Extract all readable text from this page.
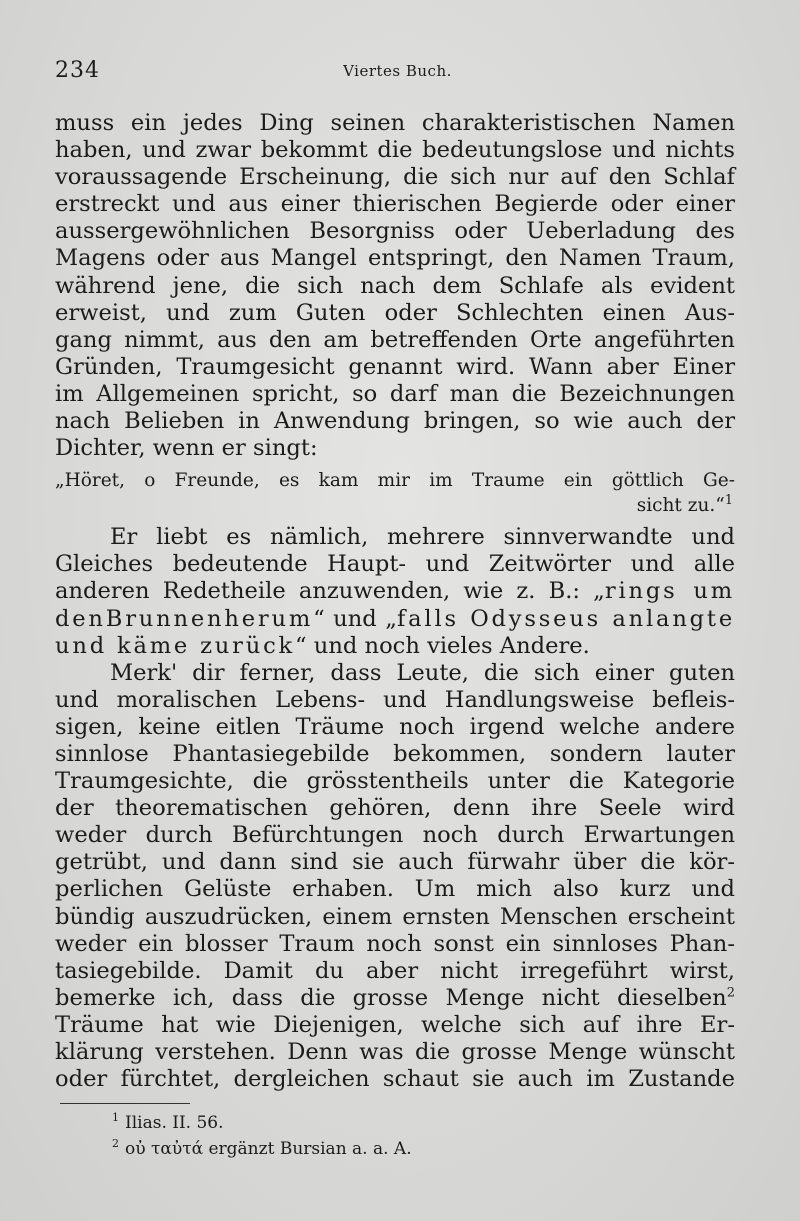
234	Viertes Buch.
muss ein jedes Ding seinen charakteristischen Namen
haben, und zwar bekommt die bedeutungslose und nichts
voraussagende Erscheinung, die sich nur auf den Schlaf
erstreckt und aus einer thierischen Begierde oder einer
aussergewöhnlichen Besorgniss oder Ueberladung des
Magens oder aus Mangel entspringt, den Namen Traum,
während jene, die sich nach dem Schlafe als evident
erweist, und zum Guten oder Schlechten einen Aus-
gang nimmt, aus den am betreffenden Orte angeführten
Gründen, Traumgesicht genannt wird. Wann aber Einer
im Allgemeinen spricht, so darf man die Bezeichnungen
nach Belieben in Anwendung bringen, so wie auch der
Dichter, wenn er singt:
„Höret, o Freunde, es kam mir im Traume ein göttlich Ge-
sicht zu.“$^1$
Er liebt es nämlich, mehrere sinnverwandte und
Gleiches bedeutende Haupt- und Zeitwörter und alle
anderen Redetheile anzuwenden, wie z. B.: „rings um
denBrunnenherum“ und „falls Odysseus anlangte
und käme zurück“ und noch vieles Andere.
Merk' dir ferner, dass Leute, die sich einer guten
und moralischen Lebens- und Handlungsweise befleis-
sigen, keine eitlen Träume noch irgend welche andere
sinnlose Phantasiegebilde bekommen, sondern lauter
Traumgesichte, die grösstentheils unter die Kategorie
der theorematischen gehören, denn ihre Seele wird
weder durch Befürchtungen noch durch Erwartungen
getrübt, und dann sind sie auch fürwahr über die kör-
perlichen Gelüste erhaben. Um mich also kurz und
bündig auszudrücken, einem ernsten Menschen erscheint
weder ein blosser Traum noch sonst ein sinnloses Phan-
tasiegebilde. Damit du aber nicht irregeführt wirst,
bemerke ich, dass die grosse Menge nicht dieselben$^2$
Träume hat wie Diejenigen, welche sich auf ihre Er-
klärung verstehen. Denn was die grosse Menge wünscht
oder fürchtet, dergleichen schaut sie auch im Zustande
$^1$ Ilias. II. 56.
$^2$ οὐ ταὐτά ergänzt Bursian a. a. A.
